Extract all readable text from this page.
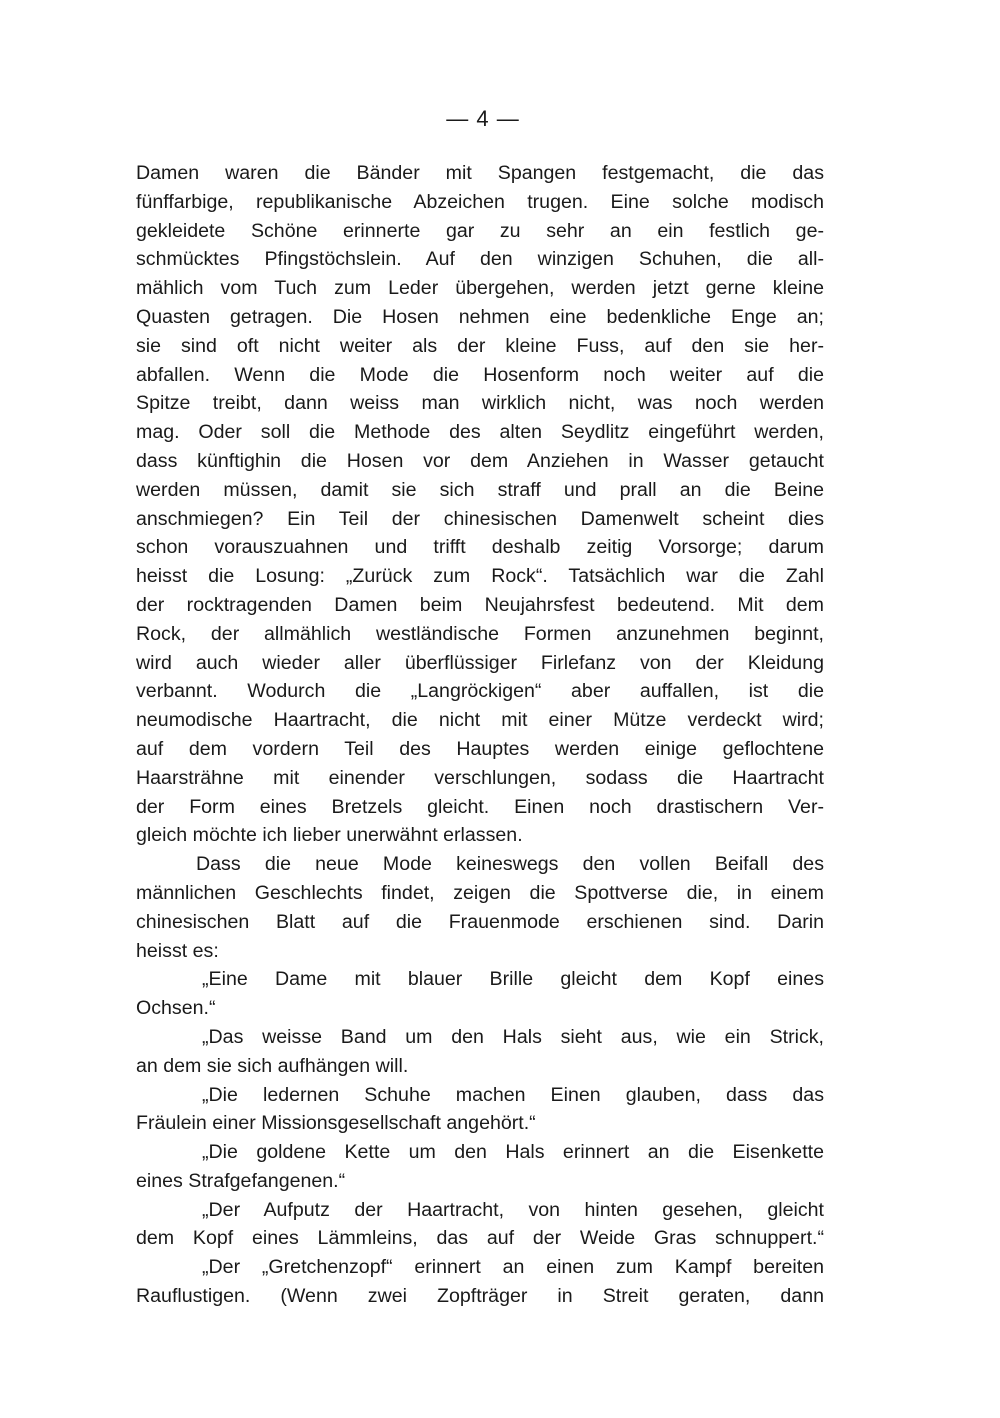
— 4 —
Damen waren die Bänder mit Spangen festgemacht, die das
fünffarbige, republikanische Abzeichen trugen. Eine solche modisch
gekleidete Schöne erinnerte gar zu sehr an ein festlich ge-
schmücktes Pfingstöchslein. Auf den winzigen Schuhen, die all-
mählich vom Tuch zum Leder übergehen, werden jetzt gerne kleine
Quasten getragen. Die Hosen nehmen eine bedenkliche Enge an;
sie sind oft nicht weiter als der kleine Fuss, auf den sie her-
abfallen. Wenn die Mode die Hosenform noch weiter auf die
Spitze treibt, dann weiss man wirklich nicht, was noch werden
mag. Oder soll die Methode des alten Seydlitz eingeführt werden,
dass künftighin die Hosen vor dem Anziehen in Wasser getaucht
werden müssen, damit sie sich straff und prall an die Beine
anschmiegen? Ein Teil der chinesischen Damenwelt scheint dies
schon vorauszuahnen und trifft deshalb zeitig Vorsorge; darum
heisst die Losung: „Zurück zum Rock“. Tatsächlich war die Zahl
der rocktragenden Damen beim Neujahrsfest bedeutend. Mit dem
Rock, der allmählich westländische Formen anzunehmen beginnt,
wird auch wieder aller überflüssiger Firlefanz von der Kleidung
verbannt. Wodurch die „Langröckigen“ aber auffallen, ist die
neumodische Haartracht, die nicht mit einer Mütze verdeckt wird;
auf dem vordern Teil des Hauptes werden einige geflochtene
Haarsträhne mit einender verschlungen, sodass die Haartracht
der Form eines Bretzels gleicht. Einen noch drastischern Ver-
gleich möchte ich lieber unerwähnt erlassen.
Dass die neue Mode keineswegs den vollen Beifall des
männlichen Geschlechts findet, zeigen die Spottverse die, in einem
chinesischen Blatt auf die Frauenmode erschienen sind. Darin
heisst es:
„Eine Dame mit blauer Brille gleicht dem Kopf eines
Ochsen.“
„Das weisse Band um den Hals sieht aus, wie ein Strick,
an dem sie sich aufhängen will.
„Die ledernen Schuhe machen Einen glauben, dass das
Fräulein einer Missionsgesellschaft angehört.“
„Die goldene Kette um den Hals erinnert an die Eisenkette
eines Strafgefangenen.“
„Der Aufputz der Haartracht, von hinten gesehen, gleicht
dem Kopf eines Lämmleins, das auf der Weide Gras schnuppert.“
„Der „Gretchenzopf“ erinnert an einen zum Kampf bereiten
Rauflustigen. (Wenn zwei Zopfträger in Streit geraten, dann
